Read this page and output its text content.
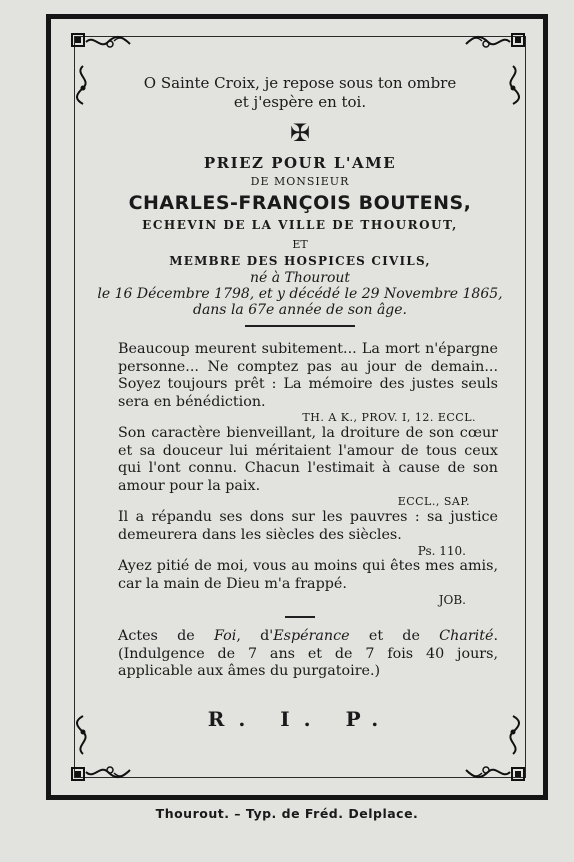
O Sainte Croix, je repose sous ton ombre
et j'espère en toi.
✠
PRIEZ POUR L'AME
DE MONSIEUR
CHARLES-FRANÇOIS BOUTENS,
ECHEVIN DE LA VILLE DE THOUROUT,
ET
MEMBRE DES HOSPICES CIVILS,
né à Thourout
le 16 Décembre 1798, et y décédé le 29 Novembre 1865,
dans la 67e année de son âge.
Beaucoup meurent subitement... La mort n'épargne personne... Ne comptez pas au jour de demain... Soyez toujours prêt : La mémoire des justes seuls sera en bénédiction.
TH. A K., PROV. I, 12. ECCL.
Son caractère bienveillant, la droiture de son cœur et sa douceur lui méritaient l'amour de tous ceux qui l'ont connu. Chacun l'estimait à cause de son amour pour la paix.
ECCL., SAP.
Il a répandu ses dons sur les pauvres : sa justice demeurera dans les siècles des siècles.
Ps. 110.
Ayez pitié de moi, vous au moins qui êtes mes amis, car la main de Dieu m'a frappé.
JOB.
Actes de Foi, d'Espérance et de Charité. (Indulgence de 7 ans et de 7 fois 40 jours, applicable aux âmes du purgatoire.)
R. I. P.
Thourout. – Typ. de Fréd. Delplace.
